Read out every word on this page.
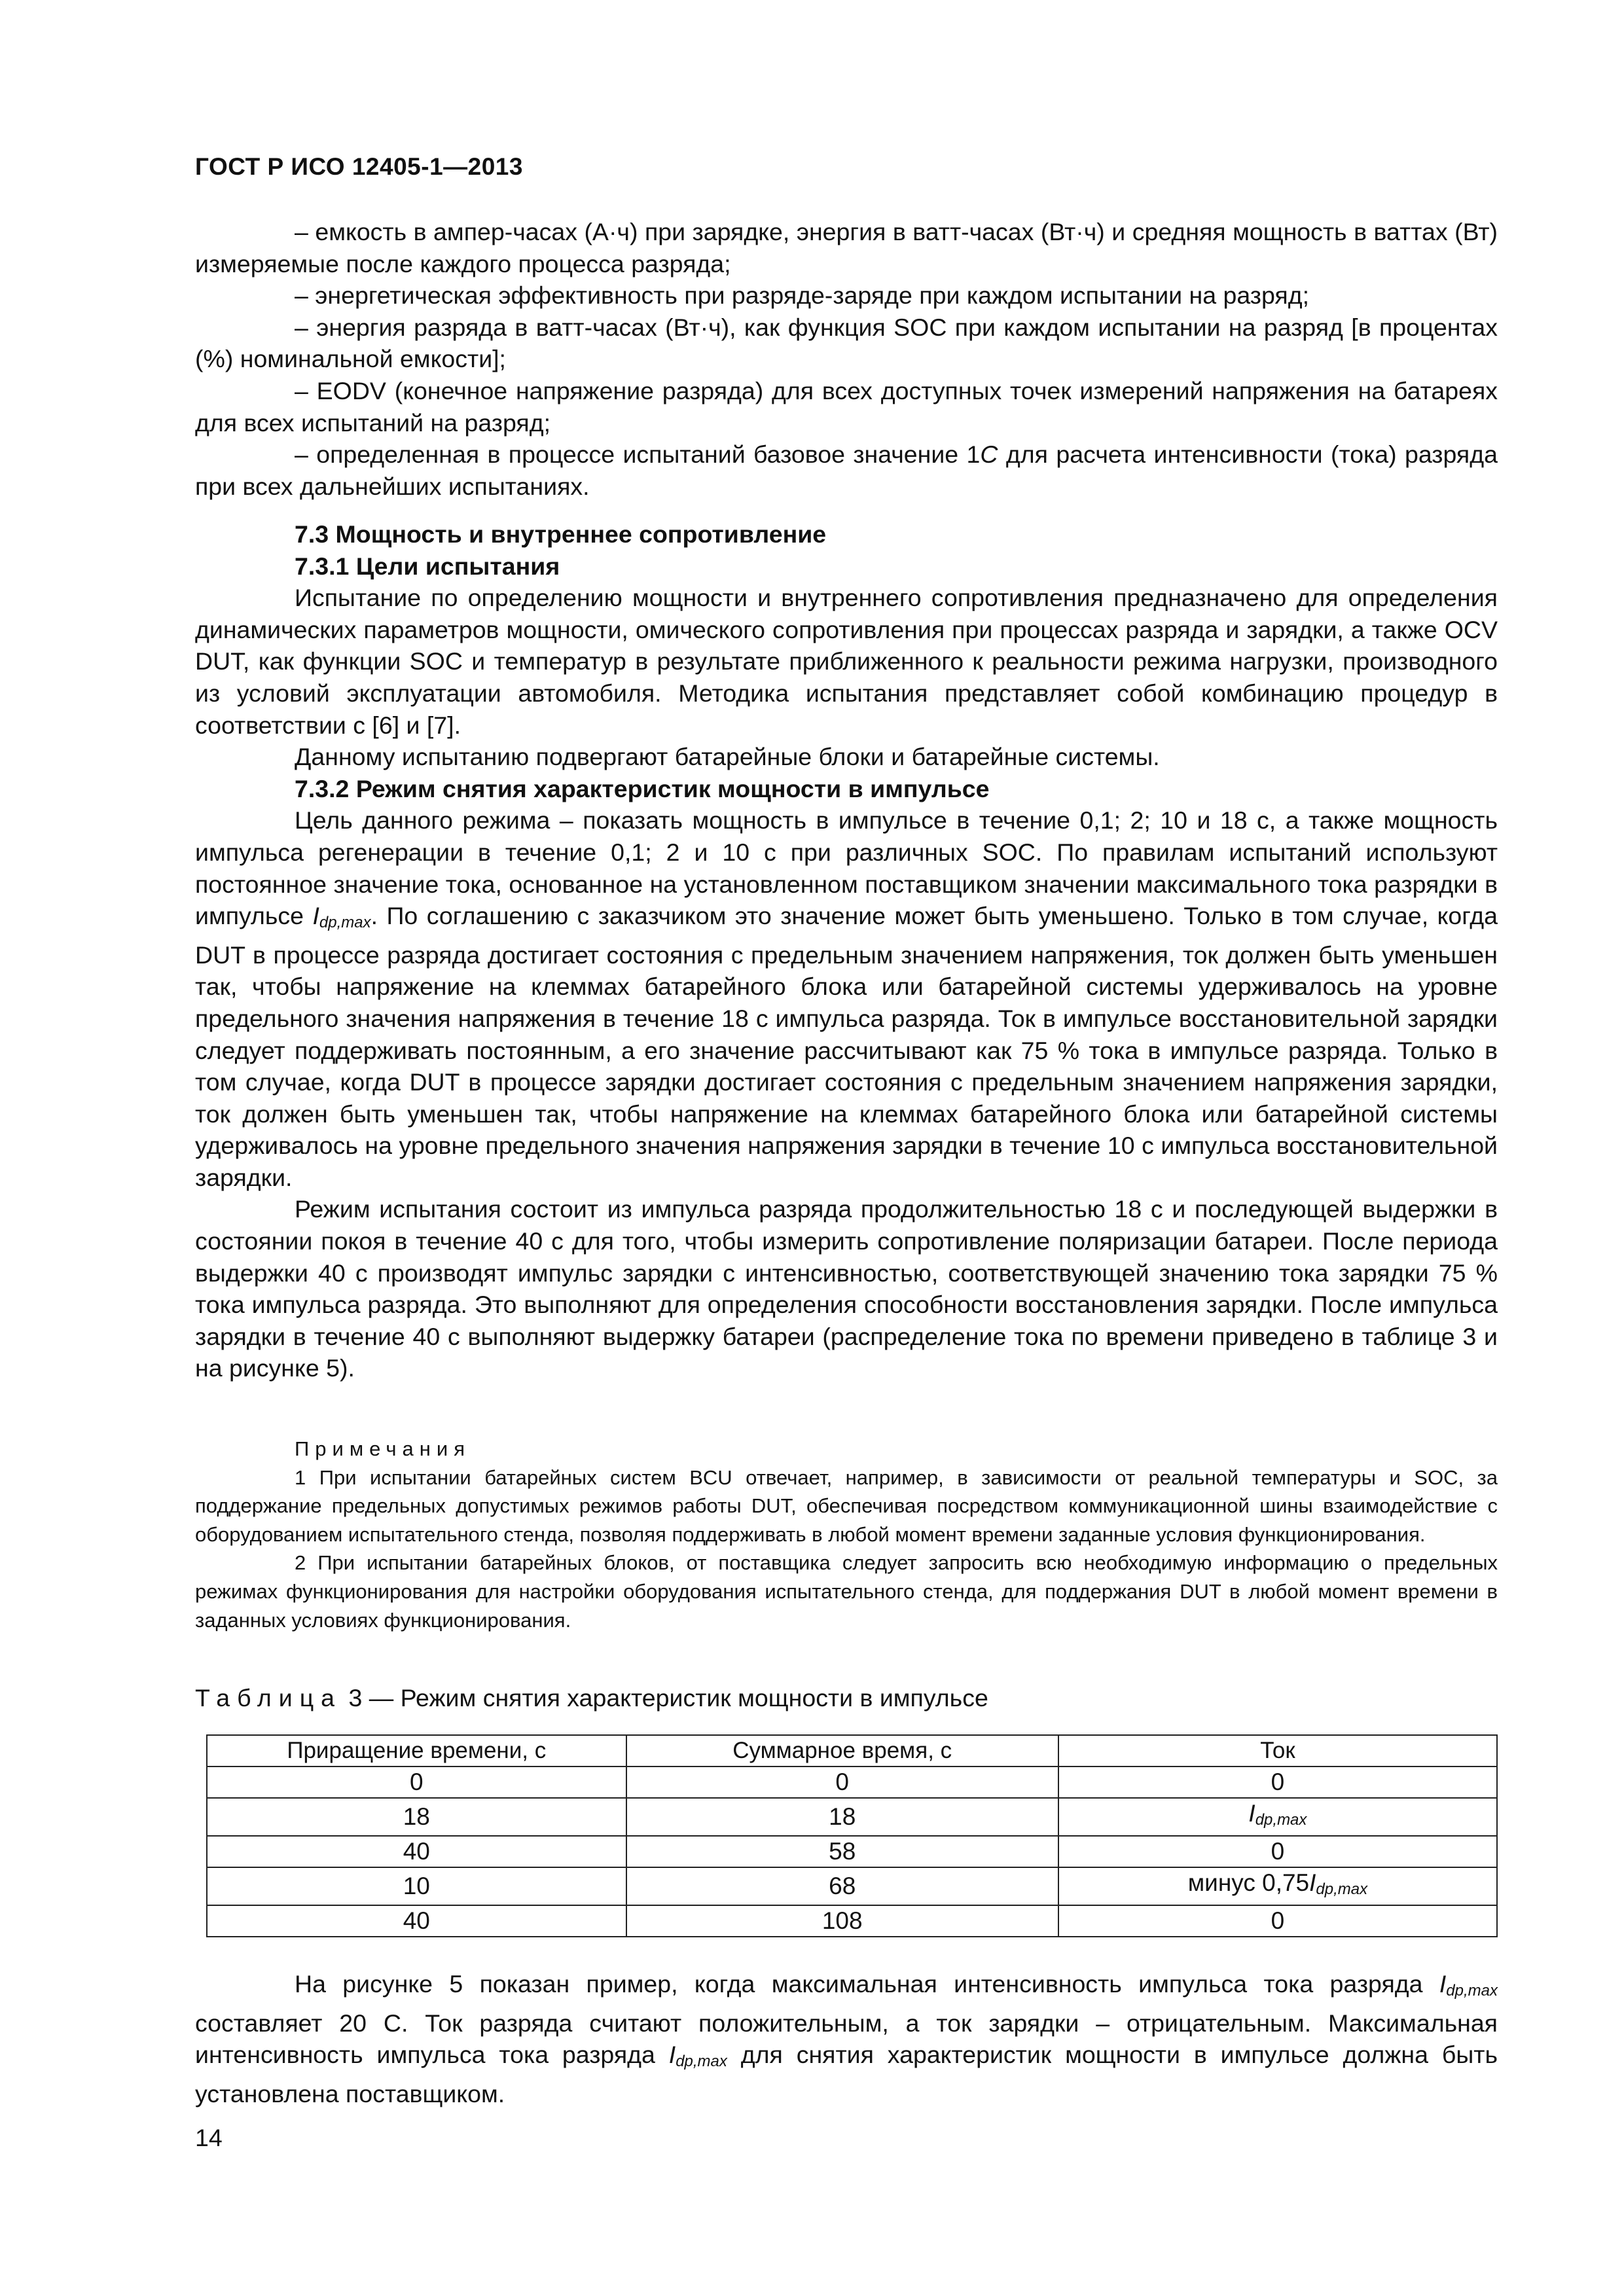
ГОСТ Р ИСО 12405-1—2013

– емкость в ампер-часах (А·ч) при зарядке, энергия в ватт-часах (Вт·ч) и средняя мощность в ваттах (Вт) измеряемые после каждого процесса разряда;

– энергетическая эффективность при разряде-заряде при каждом испытании на разряд;

– энергия разряда в ватт-часах (Вт·ч), как функция SOC при каждом испытании на разряд [в процентах (%) номинальной емкости];

– EODV (конечное напряжение разряда) для всех доступных точек измерений напряжения на батареях для всех испытаний на разряд;

– определенная в процессе испытаний базовое значение 1С для расчета интенсивности (тока) разряда при всех дальнейших испытаниях.

7.3 Мощность и внутреннее сопротивление

7.3.1 Цели испытания

Испытание по определению мощности и внутреннего сопротивления предназначено для определения динамических параметров мощности, омического сопротивления при процессах разряда и зарядки, а также OCV DUT, как функции SOC и температур в результате приближенного к реальности режима нагрузки, производного из условий эксплуатации автомобиля. Методика испытания представляет собой комбинацию процедур в соответствии с [6] и [7].

Данному испытанию подвергают батарейные блоки и батарейные системы.

7.3.2 Режим снятия характеристик мощности в импульсе

Цель данного режима – показать мощность в импульсе в течение 0,1; 2; 10 и 18 с, а также мощность импульса регенерации в течение 0,1; 2 и 10 с при различных SOC. По правилам испытаний используют постоянное значение тока, основанное на установленном поставщиком значении максимального тока разрядки в импульсе $I_{dp,max}$. По соглашению с заказчиком это значение может быть уменьшено. Только в том случае, когда DUT в процессе разряда достигает состояния с предельным значением напряжения, ток должен быть уменьшен так, чтобы напряжение на клеммах батарейного блока или батарейной системы удерживалось на уровне предельного значения напряжения в течение 18 с импульса разряда. Ток в импульсе восстановительной зарядки следует поддерживать постоянным, а его значение рассчитывают как 75 % тока в импульсе разряда. Только в том случае, когда DUT в процессе зарядки достигает состояния с предельным значением напряжения зарядки, ток должен быть уменьшен так, чтобы напряжение на клеммах батарейного блока или батарейной системы удерживалось на уровне предельного значения напряжения зарядки в течение 10 с импульса восстановительной зарядки.

Режим испытания состоит из импульса разряда продолжительностью 18 с и последующей выдержки в состоянии покоя в течение 40 с для того, чтобы измерить сопротивление поляризации батареи. После периода выдержки 40 с производят импульс зарядки с интенсивностью, соответствующей значению тока зарядки 75 % тока импульса разряда. Это выполняют для определения способности восстановления зарядки. После импульса зарядки в течение 40 с выполняют выдержку батареи (распределение тока по времени приведено в таблице 3 и на рисунке 5).

Примечания

1 При испытании батарейных систем BCU отвечает, например, в зависимости от реальной температуры и SOC, за поддержание предельных допустимых режимов работы DUT, обеспечивая посредством коммуникационной шины взаимодействие с оборудованием испытательного стенда, позволяя поддерживать в любой момент времени заданные условия функционирования.

2 При испытании батарейных блоков, от поставщика следует запросить всю необходимую информацию о предельных режимах функционирования для настройки оборудования испытательного стенда, для поддержания DUT в любой момент времени в заданных условиях функционирования.

Таблица 3 — Режим снятия характеристик мощности в импульсе
Приращение времени, с	Суммарное время, с	Ток
0	0	0
18	18	$I_{dp,max}$
40	58	0
10	68	минус $0,75I_{dp,max}$
40	108	0

На рисунке 5 показан пример, когда максимальная интенсивность импульса тока разряда $I_{dp,max}$ составляет 20 С. Ток разряда считают положительным, а ток зарядки – отрицательным. Максимальная интенсивность импульса тока разряда $I_{dp,max}$ для снятия характеристик мощности в импульсе должна быть установлена поставщиком.

14
